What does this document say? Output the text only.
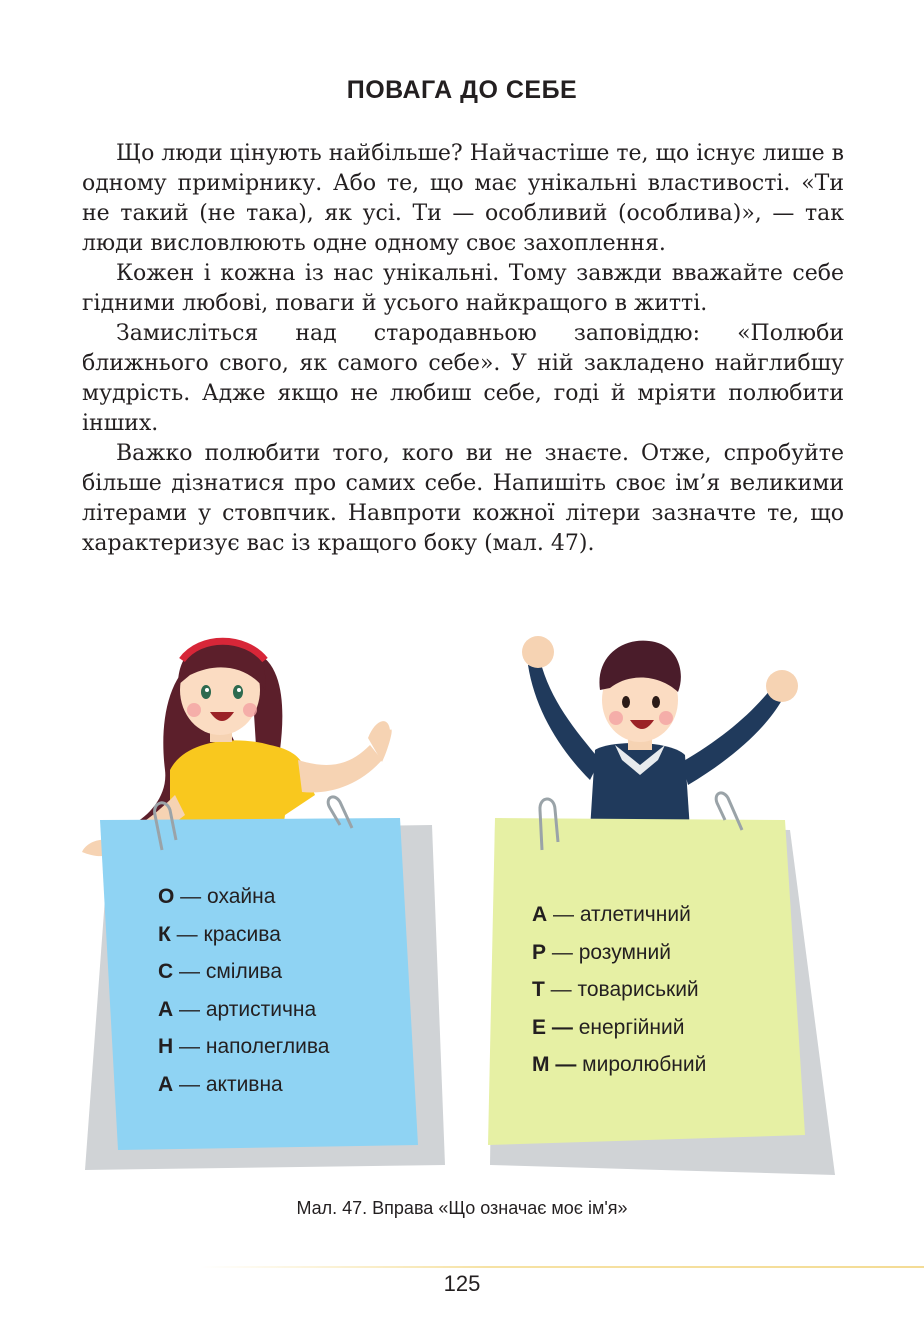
ПОВАГА ДО СЕБЕ

Що люди цінують найбільше? Найчастіше те, що існує лише в одному примірнику. Або те, що має унікальні властивості. «Ти не такий (не така), як усі. Ти — особливий (особлива)», — так люди висловлюють одне одному своє захоплення.

Кожен і кожна із нас унікальні. Тому завжди вважайте себе гідними любові, поваги й усього найкращого в житті.

Замисліться над стародавньою заповіддю: «Полюби ближнього свого, як самого себе». У ній закладено найглибшу мудрість. Адже якщо не любиш себе, годі й мріяти полюбити інших.

Важко полюбити того, кого ви не знаєте. Отже, спробуйте більше дізнатися про самих себе. Напишіть своє ім’я великими літерами у стовпчик. Навпроти кожної літери зазначте те, що характеризує вас із кращого боку (мал. 47).

О — охайна
К — красива
С — смілива
А — артистична
Н — наполеглива
А — активна
А — атлетичний
Р — розумний
Т — товариський
Е — енергійний
М — миролюбний
Мал. 47. Вправа «Що означає моє ім'я»
125
